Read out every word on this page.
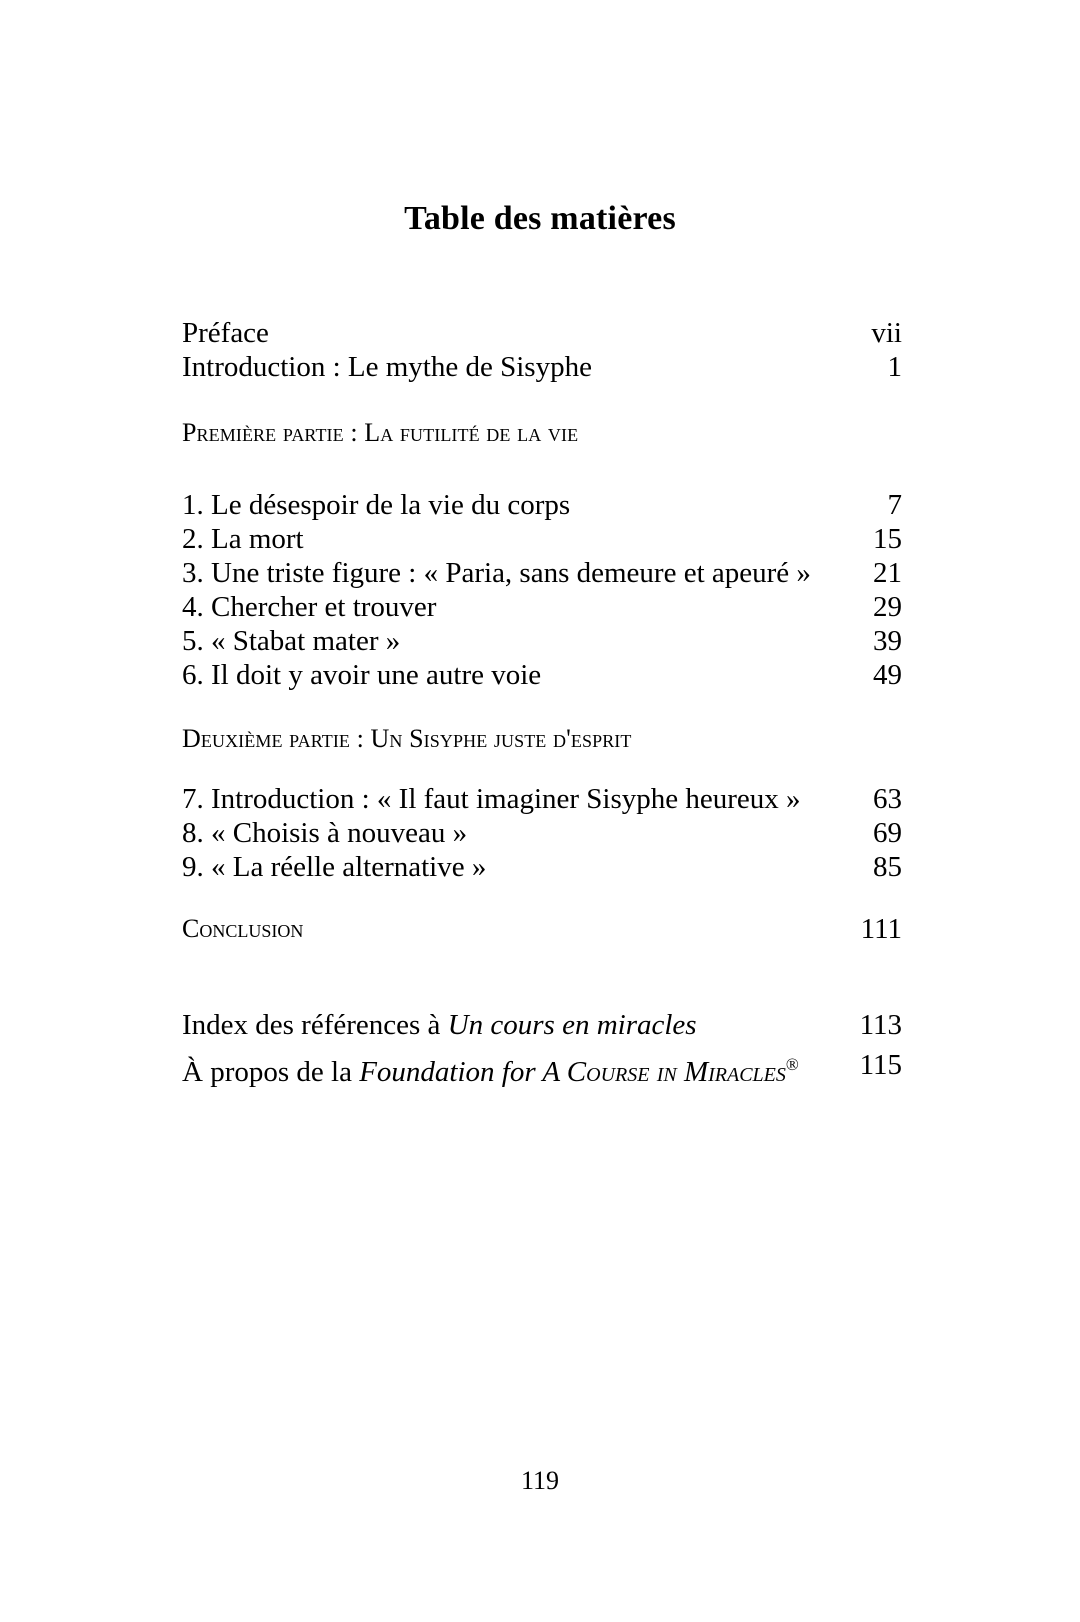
Table des matières
Préface	vii
Introduction : Le mythe de Sisyphe	1
Première partie : La futilité de la vie
1. Le désespoir de la vie du corps	7
2. La mort	15
3. Une triste figure : « Paria, sans demeure et apeuré » 21
4. Chercher et trouver	29
5. « Stabat mater »	39
6. Il doit y avoir une autre voie	49
Deuxième partie : Un Sisyphe juste d'esprit
7. Introduction : « Il faut imaginer Sisyphe heureux » 63
8. « Choisis à nouveau »	69
9. « La réelle alternative »	85
Conclusion	111
Index des références à Un cours en miracles	113
À propos de la Foundation for A Course in Miracles® 115
119
